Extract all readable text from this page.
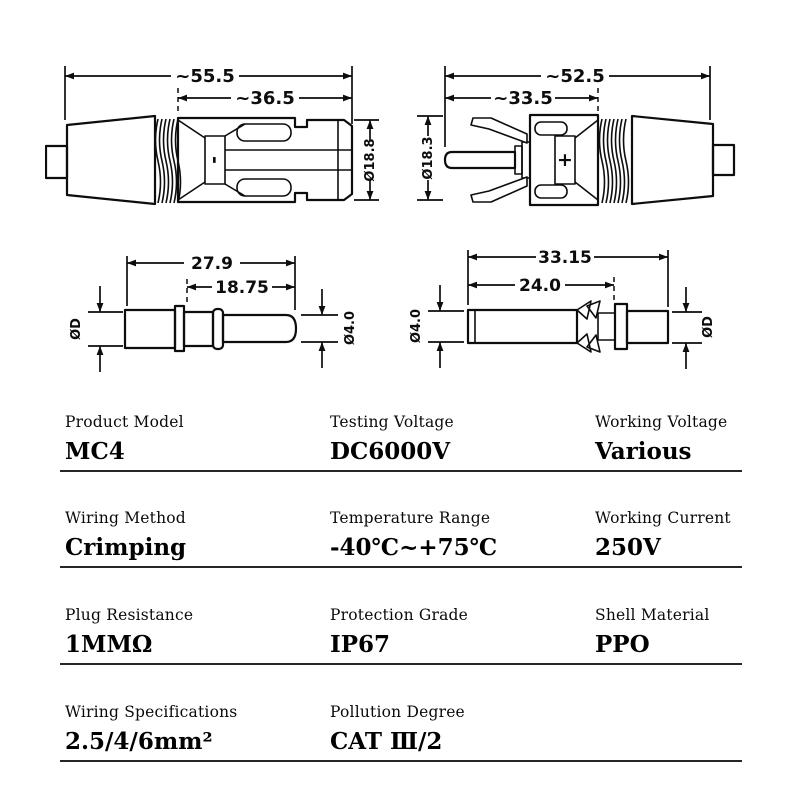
~55.5
~36.5
Ø18.8
-
~52.5
~33.5
Ø18.3	+
27.9
18.75
ØD	Ø4.0
33.15
24.0
Ø4.0	ØD
Product Model
MC4
Testing Voltage
DC6000V
Working Voltage
Various
Wiring Method
Crimping
Temperature Range
-40℃~+75℃
Working Current
250V
Plug Resistance
1MMΩ
Protection Grade
IP67
Shell Material
PPO
Wiring Specifications
2.5/4/6mm²
Pollution Degree
CAT Ⅲ/2
